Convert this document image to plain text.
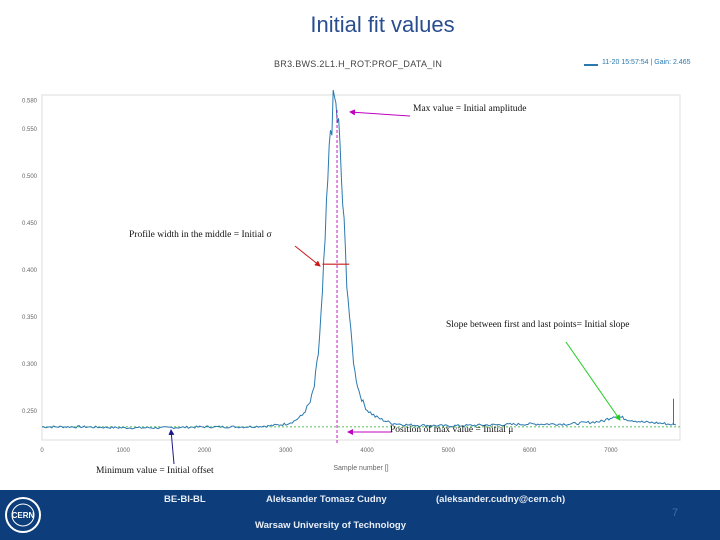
Initial fit values
BR3.BWS.2L1.H_ROT:PROF_DATA_IN	11-20 15:57:54 | Gain: 2.465
0.250
0.300
0.350
0.400
0.450
0.500
0.550
0.580
0	1000	2000	3000	4000	5000	6000	7000
Sample number []
Max value = Initial amplitude
Profile width in the middle = Initial σ
Slope between first and last points= Initial slope
Position of max value = Initial μ
Minimum value = Initial offset
BE-BI-BL	Aleksander Tomasz Cudny	(aleksander.cudny@cern.ch)
Warsaw University of Technology
CERN	7
